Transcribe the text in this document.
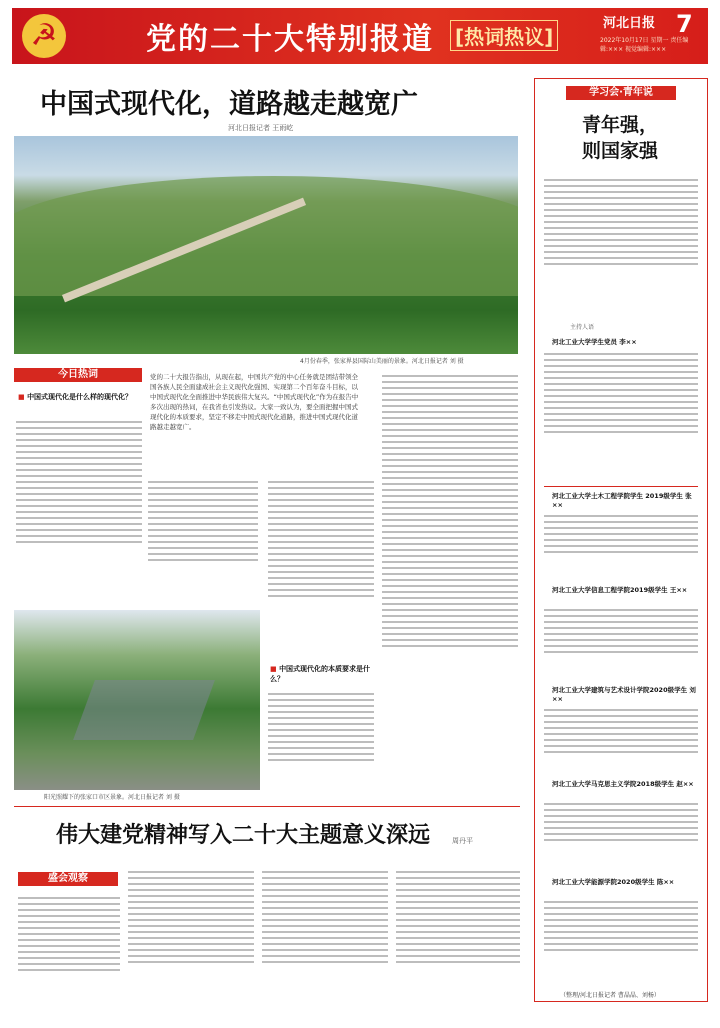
☭	党的二十大特别报道 [热词热议]
河北日报 7
2022年10月17日 星期一 责任编辑:××× 视觉编辑:×××
中国式现代化，道路越走越宽广
河北日报记者 王雨屹
4月份春季，张家界县国际山美丽的景象。河北日报记者 刘 摄
党的二十大报告指出，从现在起，中国共产党的中心任务就是团结带领全国各族人民全面建成社会主义现代化强国、实现第二个百年奋斗目标，以中国式现代化全面推进中华民族伟大复兴。“中国式现代化”作为在报告中多次出现的热词，在我省也引发热议。大家一致认为，要全面把握中国式现代化的本质要求，坚定不移走中国式现代化道路，推进中国式现代化道路越走越宽广。
今日热词
■ 中国式现代化是什么样的现代化？
■ 中国式现代化的本质要求是什么？
阳光照耀下的张家口市区景象。河北日报记者 刘 摄
伟大建党精神写入二十大主题意义深远	周丹平
盛会观察
学习会·青年说
青年强，
则国家强
主持人语
河北工业大学学生党员 李××
河北工业大学土木工程学院学生 2019级学生 张××
河北工业大学信息工程学院2019级学生 王××
河北工业大学建筑与艺术设计学院2020级学生 刘××
河北工业大学马克思主义学院2018级学生 赵××
河北工业大学能源学院2020级学生 陈××
（整理/河北日报记者 曹晶晶、刘杨）
